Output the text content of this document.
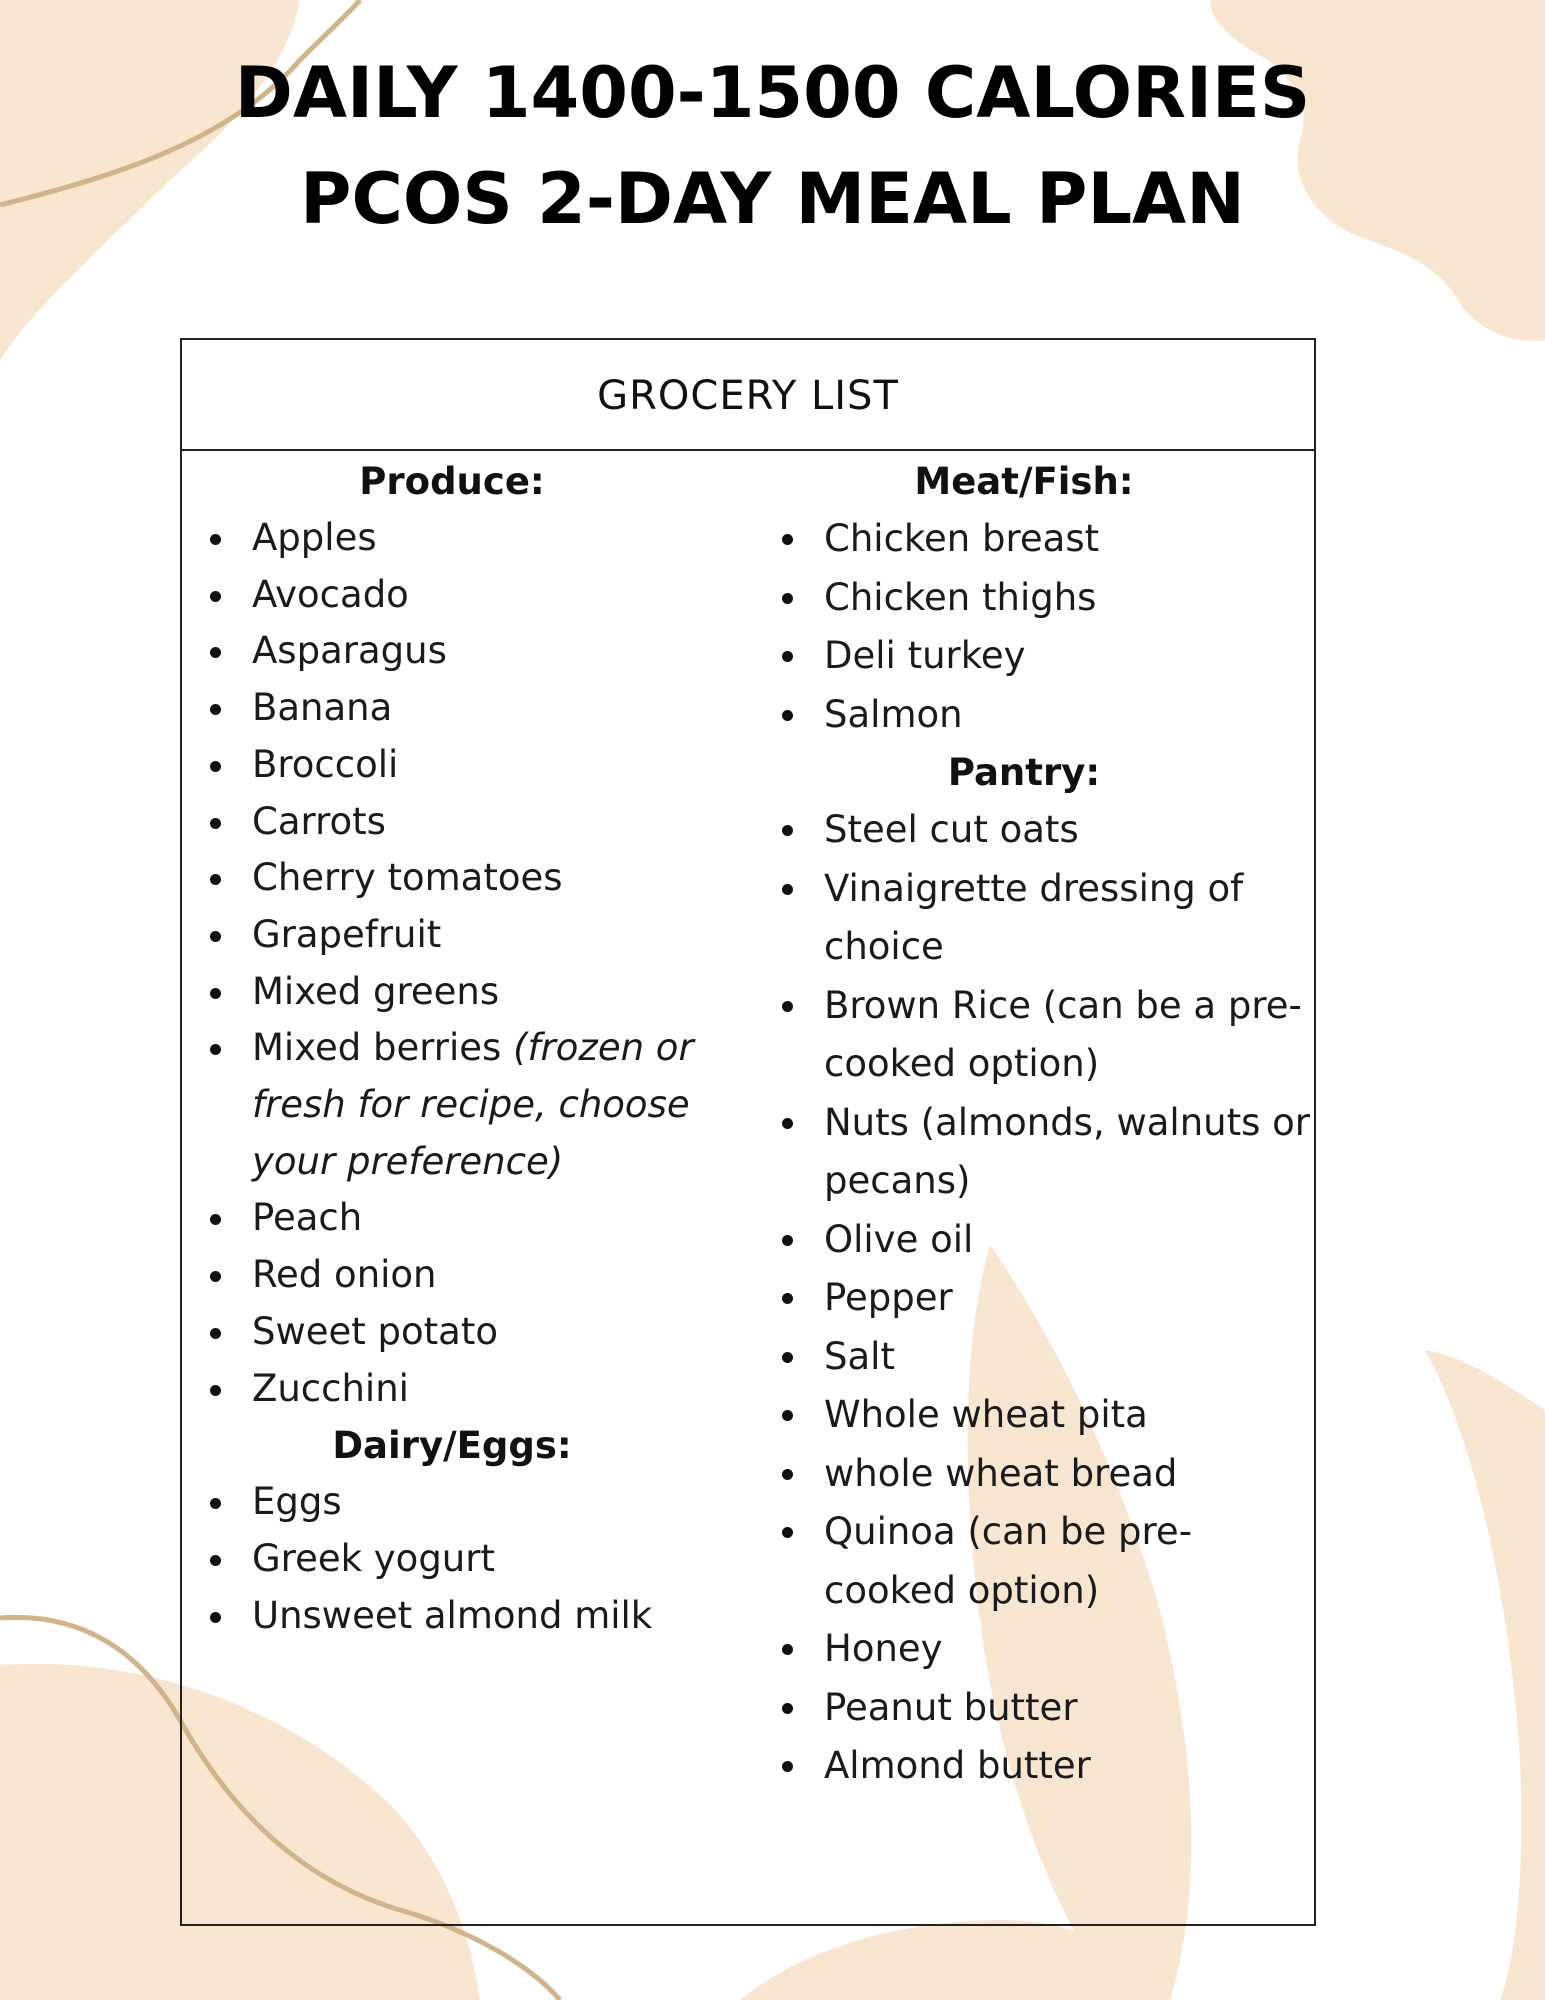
DAILY 1400-1500 CALORIES
PCOS 2-DAY MEAL PLAN
GROCERY LIST
Produce:
Apples
Avocado
Asparagus
Banana
Broccoli
Carrots
Cherry tomatoes
Grapefruit
Mixed greens
Mixed berries (frozen or fresh for recipe, choose your preference)
Peach
Red onion
Sweet potato
Zucchini
Dairy/Eggs:
Eggs
Greek yogurt
Unsweet almond milk
Meat/Fish:
Chicken breast
Chicken thighs
Deli turkey
Salmon
Pantry:
Steel cut oats
Vinaigrette dressing of choice
Brown Rice (can be a pre-cooked option)
Nuts (almonds, walnuts or pecans)
Olive oil
Pepper
Salt
Whole wheat pita
whole wheat bread
Quinoa (can be pre-cooked option)
Honey
Peanut butter
Almond butter
